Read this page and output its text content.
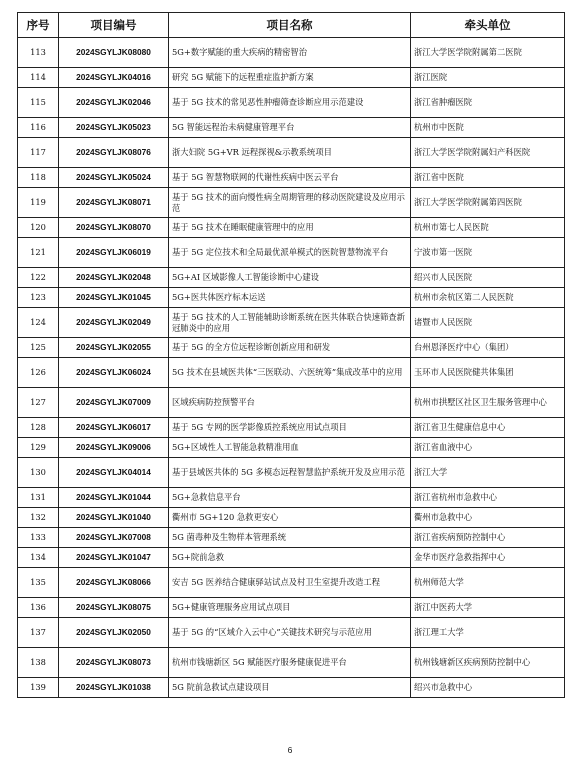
序号	项目编号	项目名称	牵头单位
113	2024SGYLJK08080	5G+数字赋能的重大疾病的精密智治	浙江大学医学院附属第二医院
114	2024SGYLJK04016	研究 5G 赋能下的远程重症监护新方案	浙江医院
115	2024SGYLJK02046	基于 5G 技术的常见恶性肿瘤筛查诊断应用示范建设	浙江省肿瘤医院
116	2024SGYLJK05023	5G 智能远程治未病健康管理平台	杭州市中医院
117	2024SGYLJK08076	浙大妇院 5G+VR 远程探视&示教系统项目	浙江大学医学院附属妇产科医院
118	2024SGYLJK05024	基于 5G 智慧物联网的代谢性疾病中医云平台	浙江省中医院
119	2024SGYLJK08071	基于 5G 技术的面向慢性病全周期管理的移动医院建设及应用示范	浙江大学医学院附属第四医院
120	2024SGYLJK08070	基于 5G 技术在睡眠健康管理中的应用	杭州市第七人民医院
121	2024SGYLJK06019	基于 5G 定位技术和全局最优派单模式的医院智慧物流平台	宁波市第一医院
122	2024SGYLJK02048	5G+AI 区域影像人工智能诊断中心建设	绍兴市人民医院
123	2024SGYLJK01045	5G+医共体医疗标本运送	杭州市余杭区第二人民医院
124	2024SGYLJK02049	基于 5G 技术的人工智能辅助诊断系统在医共体联合快速筛查新冠肺炎中的应用	诸暨市人民医院
125	2024SGYLJK02055	基于 5G 的全方位远程诊断创新应用和研发	台州恩泽医疗中心（集团）
126	2024SGYLJK06024	5G 技术在县域医共体“三医联动、六医统筹”集成改革中的应用	玉环市人民医院健共体集团
127	2024SGYLJK07009	区域疾病防控预警平台	杭州市拱墅区社区卫生服务管理中心
128	2024SGYLJK06017	基于 5G 专网的医学影像质控系统应用试点项目	浙江省卫生健康信息中心
129	2024SGYLJK09006	5G+区域性人工智能急救精准用血	浙江省血液中心
130	2024SGYLJK04014	基于县域医共体的 5G 多模态远程智慧监护系统开发及应用示范	浙江大学
131	2024SGYLJK01044	5G+急救信息平台	浙江省杭州市急救中心
132	2024SGYLJK01040	衢州市 5G+120 急救更安心	衢州市急救中心
133	2024SGYLJK07008	5G 菌毒种及生物样本管理系统	浙江省疾病预防控制中心
134	2024SGYLJK01047	5G+院前急救	金华市医疗急救指挥中心
135	2024SGYLJK08066	安吉 5G 医养结合健康驿站试点及村卫生室提升改造工程	杭州师范大学
136	2024SGYLJK08075	5G+健康管理服务应用试点项目	浙江中医药大学
137	2024SGYLJK02050	基于 5G 的“区域介入云中心”关键技术研究与示范应用	浙江理工大学
138	2024SGYLJK08073	杭州市钱塘新区 5G 赋能医疗服务健康促进平台	杭州钱塘新区疾病预防控制中心
139	2024SGYLJK01038	5G 院前急救试点建设项目	绍兴市急救中心
6
